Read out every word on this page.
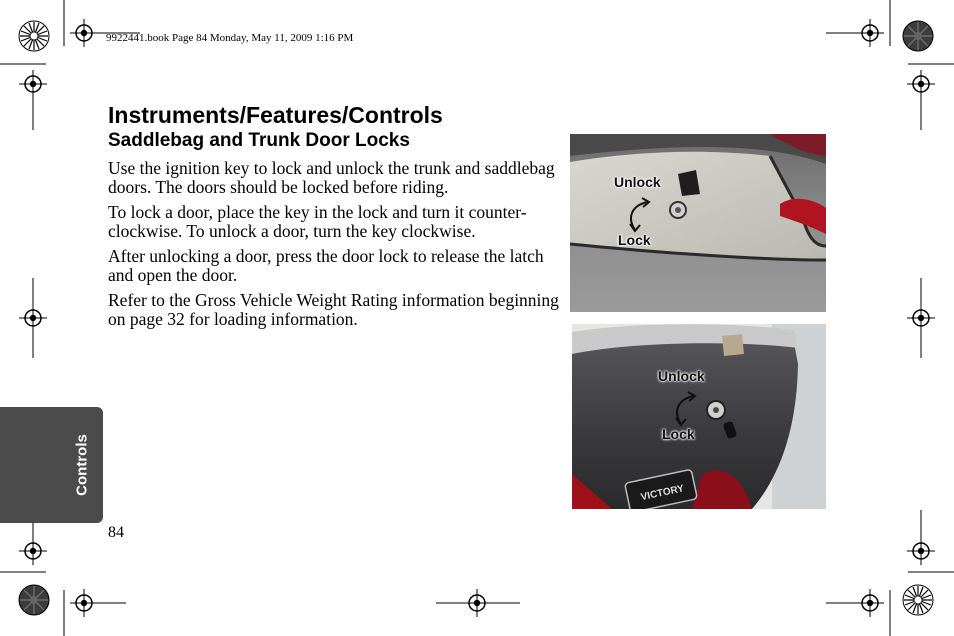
9922441.book Page 84 Monday, May 11, 2009 1:16 PM
Instruments/Features/Controls
Saddlebag and Trunk Door Locks

Use the ignition key to lock and unlock the trunk and saddlebag doors. The doors should be locked before riding.

To lock a door, place the key in the lock and turn it counter-clockwise. To unlock a door, turn the key clockwise.

After unlocking a door, press the door lock to release the latch and open the door.

Refer to the Gross Vehicle Weight Rating information beginning on page 32 for loading information.

Controls
84
Unlock
Lock
VICTORY
Unlock
Lock
